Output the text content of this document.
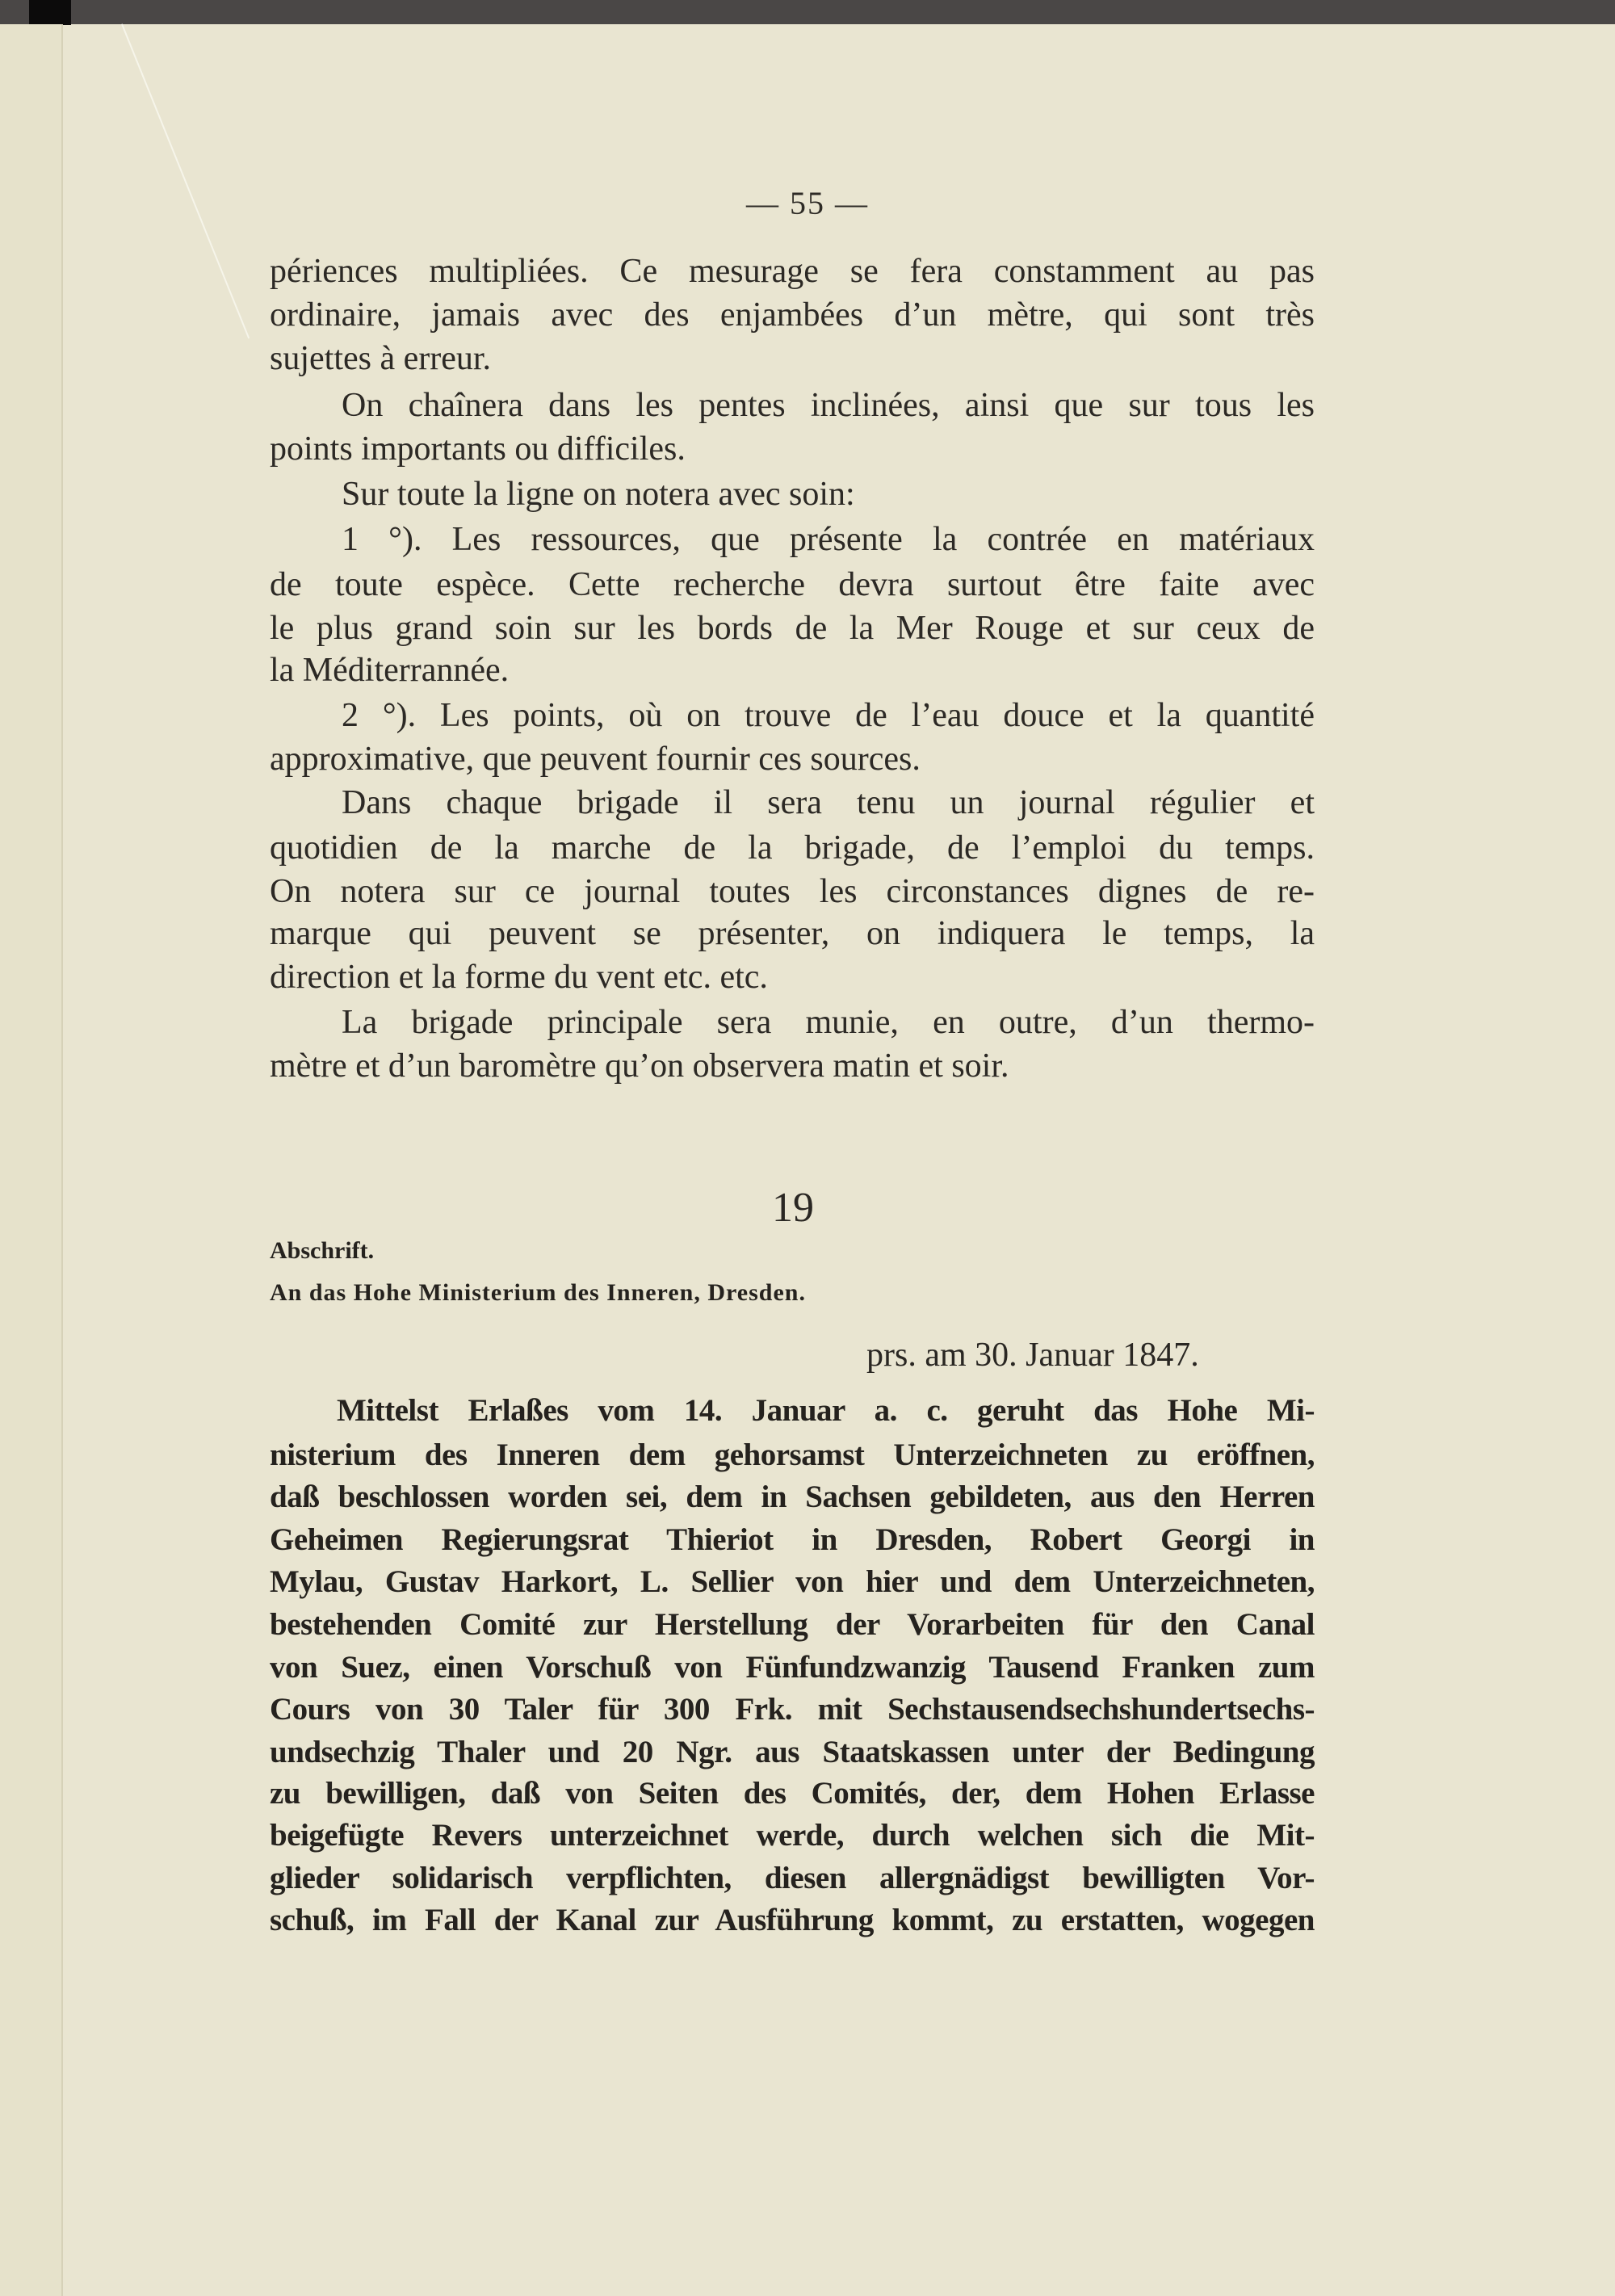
— 55 —
périences multipliées. Ce mesurage se fera constamment au pas
ordinaire, jamais avec des enjambées d’un mètre, qui sont très
sujettes à erreur.
On chaînera dans les pentes inclinées, ainsi que sur tous les
points importants ou difficiles.
Sur toute la ligne on notera avec soin:
1 °). Les ressources, que présente la contrée en matériaux
de toute espèce. Cette recherche devra surtout être faite avec
le plus grand soin sur les bords de la Mer Rouge et sur ceux de
la Méditerrannée.
2 °). Les points, où on trouve de l’eau douce et la quantité
approximative, que peuvent fournir ces sources.
Dans chaque brigade il sera tenu un journal régulier et
quotidien de la marche de la brigade, de l’emploi du temps.
On notera sur ce journal toutes les circonstances dignes de re-
marque qui peuvent se présenter, on indiquera le temps, la
direction et la forme du vent etc. etc.
La brigade principale sera munie, en outre, d’un thermo-
mètre et d’un baromètre qu’on observera matin et soir.
19
Abschrift.
An das Hohe Ministerium des Inneren, Dresden.
prs. am 30. Januar 1847.
Mittelst Erlaßes vom 14. Januar a. c. geruht das Hohe Mi-
nisterium des Inneren dem gehorsamst Unterzeichneten zu eröffnen,
daß beschlossen worden sei, dem in Sachsen gebildeten, aus den Herren
Geheimen Regierungsrat Thieriot in Dresden, Robert Georgi in
Mylau, Gustav Harkort, L. Sellier von hier und dem Unterzeichneten,
bestehenden Comité zur Herstellung der Vorarbeiten für den Canal
von Suez, einen Vorschuß von Fünfundzwanzig Tausend Franken zum
Cours von 30 Taler für 300 Frk. mit Sechstausendsechshundertsechs-
undsechzig Thaler und 20 Ngr. aus Staatskassen unter der Bedingung
zu bewilligen, daß von Seiten des Comités, der, dem Hohen Erlasse
beigefügte Revers unterzeichnet werde, durch welchen sich die Mit-
glieder solidarisch verpflichten, diesen allergnädigst bewilligten Vor-
schuß, im Fall der Kanal zur Ausführung kommt, zu erstatten, wogegen
